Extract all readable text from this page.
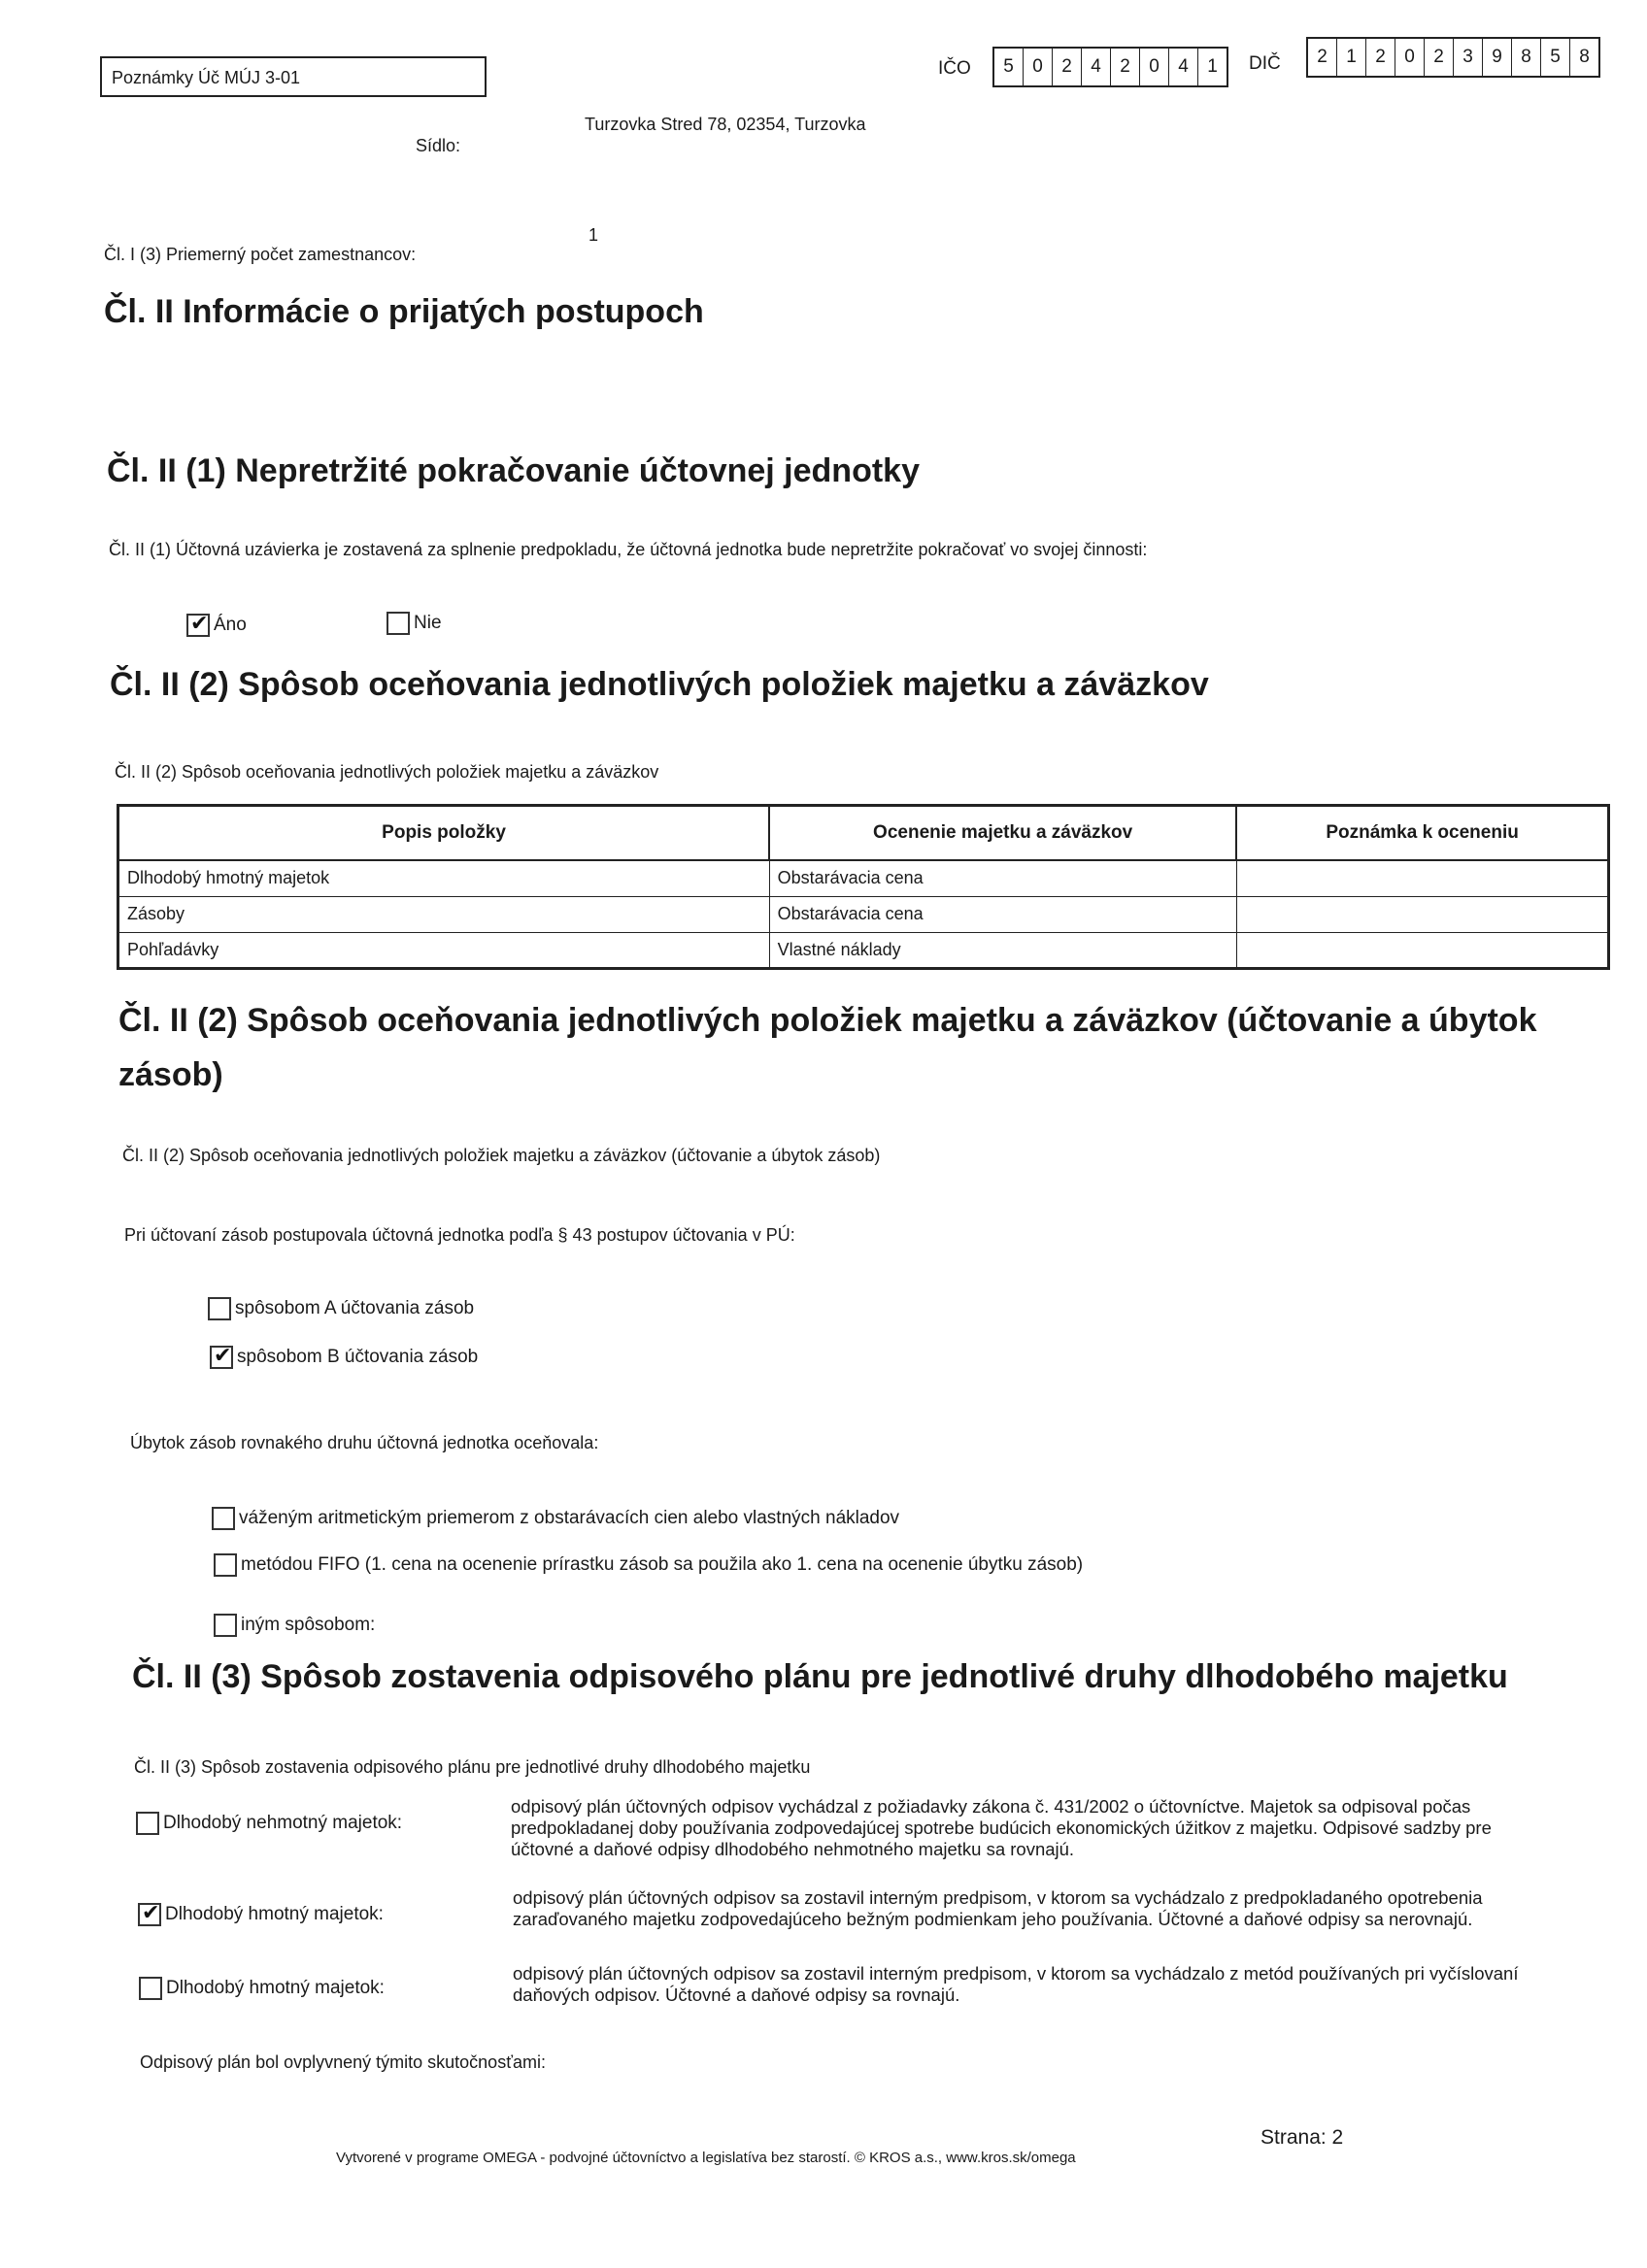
Poznámky Úč MÚJ 3-01	IČO	5	0	2	4	2	0	4	1	DIČ	2	1	2	0	2	3	9	8	5	8
Sídlo:
Turzovka Stred 78, 02354, Turzovka
Čl. I (3) Priemerný počet zamestnancov:
1
Čl. II Informácie o prijatých postupoch
Čl. II (1) Nepretržité pokračovanie účtovnej jednotky
Čl. II (1) Účtovná uzávierka je zostavená za splnenie predpokladu, že účtovná jednotka bude nepretržite pokračovať vo svojej činnosti:
✔
Áno	Nie
Čl. II (2) Spôsob oceňovania jednotlivých položiek majetku a záväzkov
Čl. II (2) Spôsob oceňovania jednotlivých položiek majetku a záväzkov
Popis položky	Ocenenie majetku a záväzkov	Poznámka k oceneniu
Dlhodobý hmotný majetok	Obstarávacia cena	
Zásoby	Obstarávacia cena	
Pohľadávky	Vlastné náklady	
Čl. II (2) Spôsob oceňovania jednotlivých položiek majetku a záväzkov (účtovanie a úbytok
zásob)
Čl. II (2) Spôsob oceňovania jednotlivých položiek majetku a záväzkov (účtovanie a úbytok zásob)
Pri účtovaní zásob postupovala účtovná jednotka podľa § 43 postupov účtovania v PÚ:
spôsobom A účtovania zásob
✔
spôsobom B účtovania zásob
Úbytok zásob rovnakého druhu účtovná jednotka oceňovala:
váženým aritmetickým priemerom z obstarávacích cien alebo vlastných nákladov
metódou FIFO (1. cena na ocenenie prírastku zásob sa použila ako 1. cena na ocenenie úbytku zásob)
iným spôsobom:
Čl. II (3) Spôsob zostavenia odpisového plánu pre jednotlivé druhy dlhodobého majetku
Čl. II (3) Spôsob zostavenia odpisového plánu pre jednotlivé druhy dlhodobého majetku
Dlhodobý nehmotný majetok:
odpisový plán účtovných odpisov vychádzal z požiadavky zákona č. 431/2002 o účtovníctve. Majetok sa odpisoval počas
predpokladanej doby používania zodpovedajúcej spotrebe budúcich ekonomických úžitkov z majetku. Odpisové sadzby pre
účtovné a daňové odpisy dlhodobého nehmotného majetku sa rovnajú.
✔
Dlhodobý hmotný majetok:
odpisový plán účtovných odpisov sa zostavil interným predpisom, v ktorom sa vychádzalo z predpokladaného opotrebenia
zaraďovaného majetku zodpovedajúceho bežným podmienkam jeho používania. Účtovné a daňové odpisy sa nerovnajú.
Dlhodobý hmotný majetok:
odpisový plán účtovných odpisov sa zostavil interným predpisom, v ktorom sa vychádzalo z metód používaných pri vyčíslovaní
daňových odpisov. Účtovné a daňové odpisy sa rovnajú.
Odpisový plán bol ovplyvnený týmito skutočnosťami:
Vytvorené v programe OMEGA - podvojné účtovníctvo a legislatíva bez starostí. © KROS a.s., www.kros.sk/omega
Strana: 2
